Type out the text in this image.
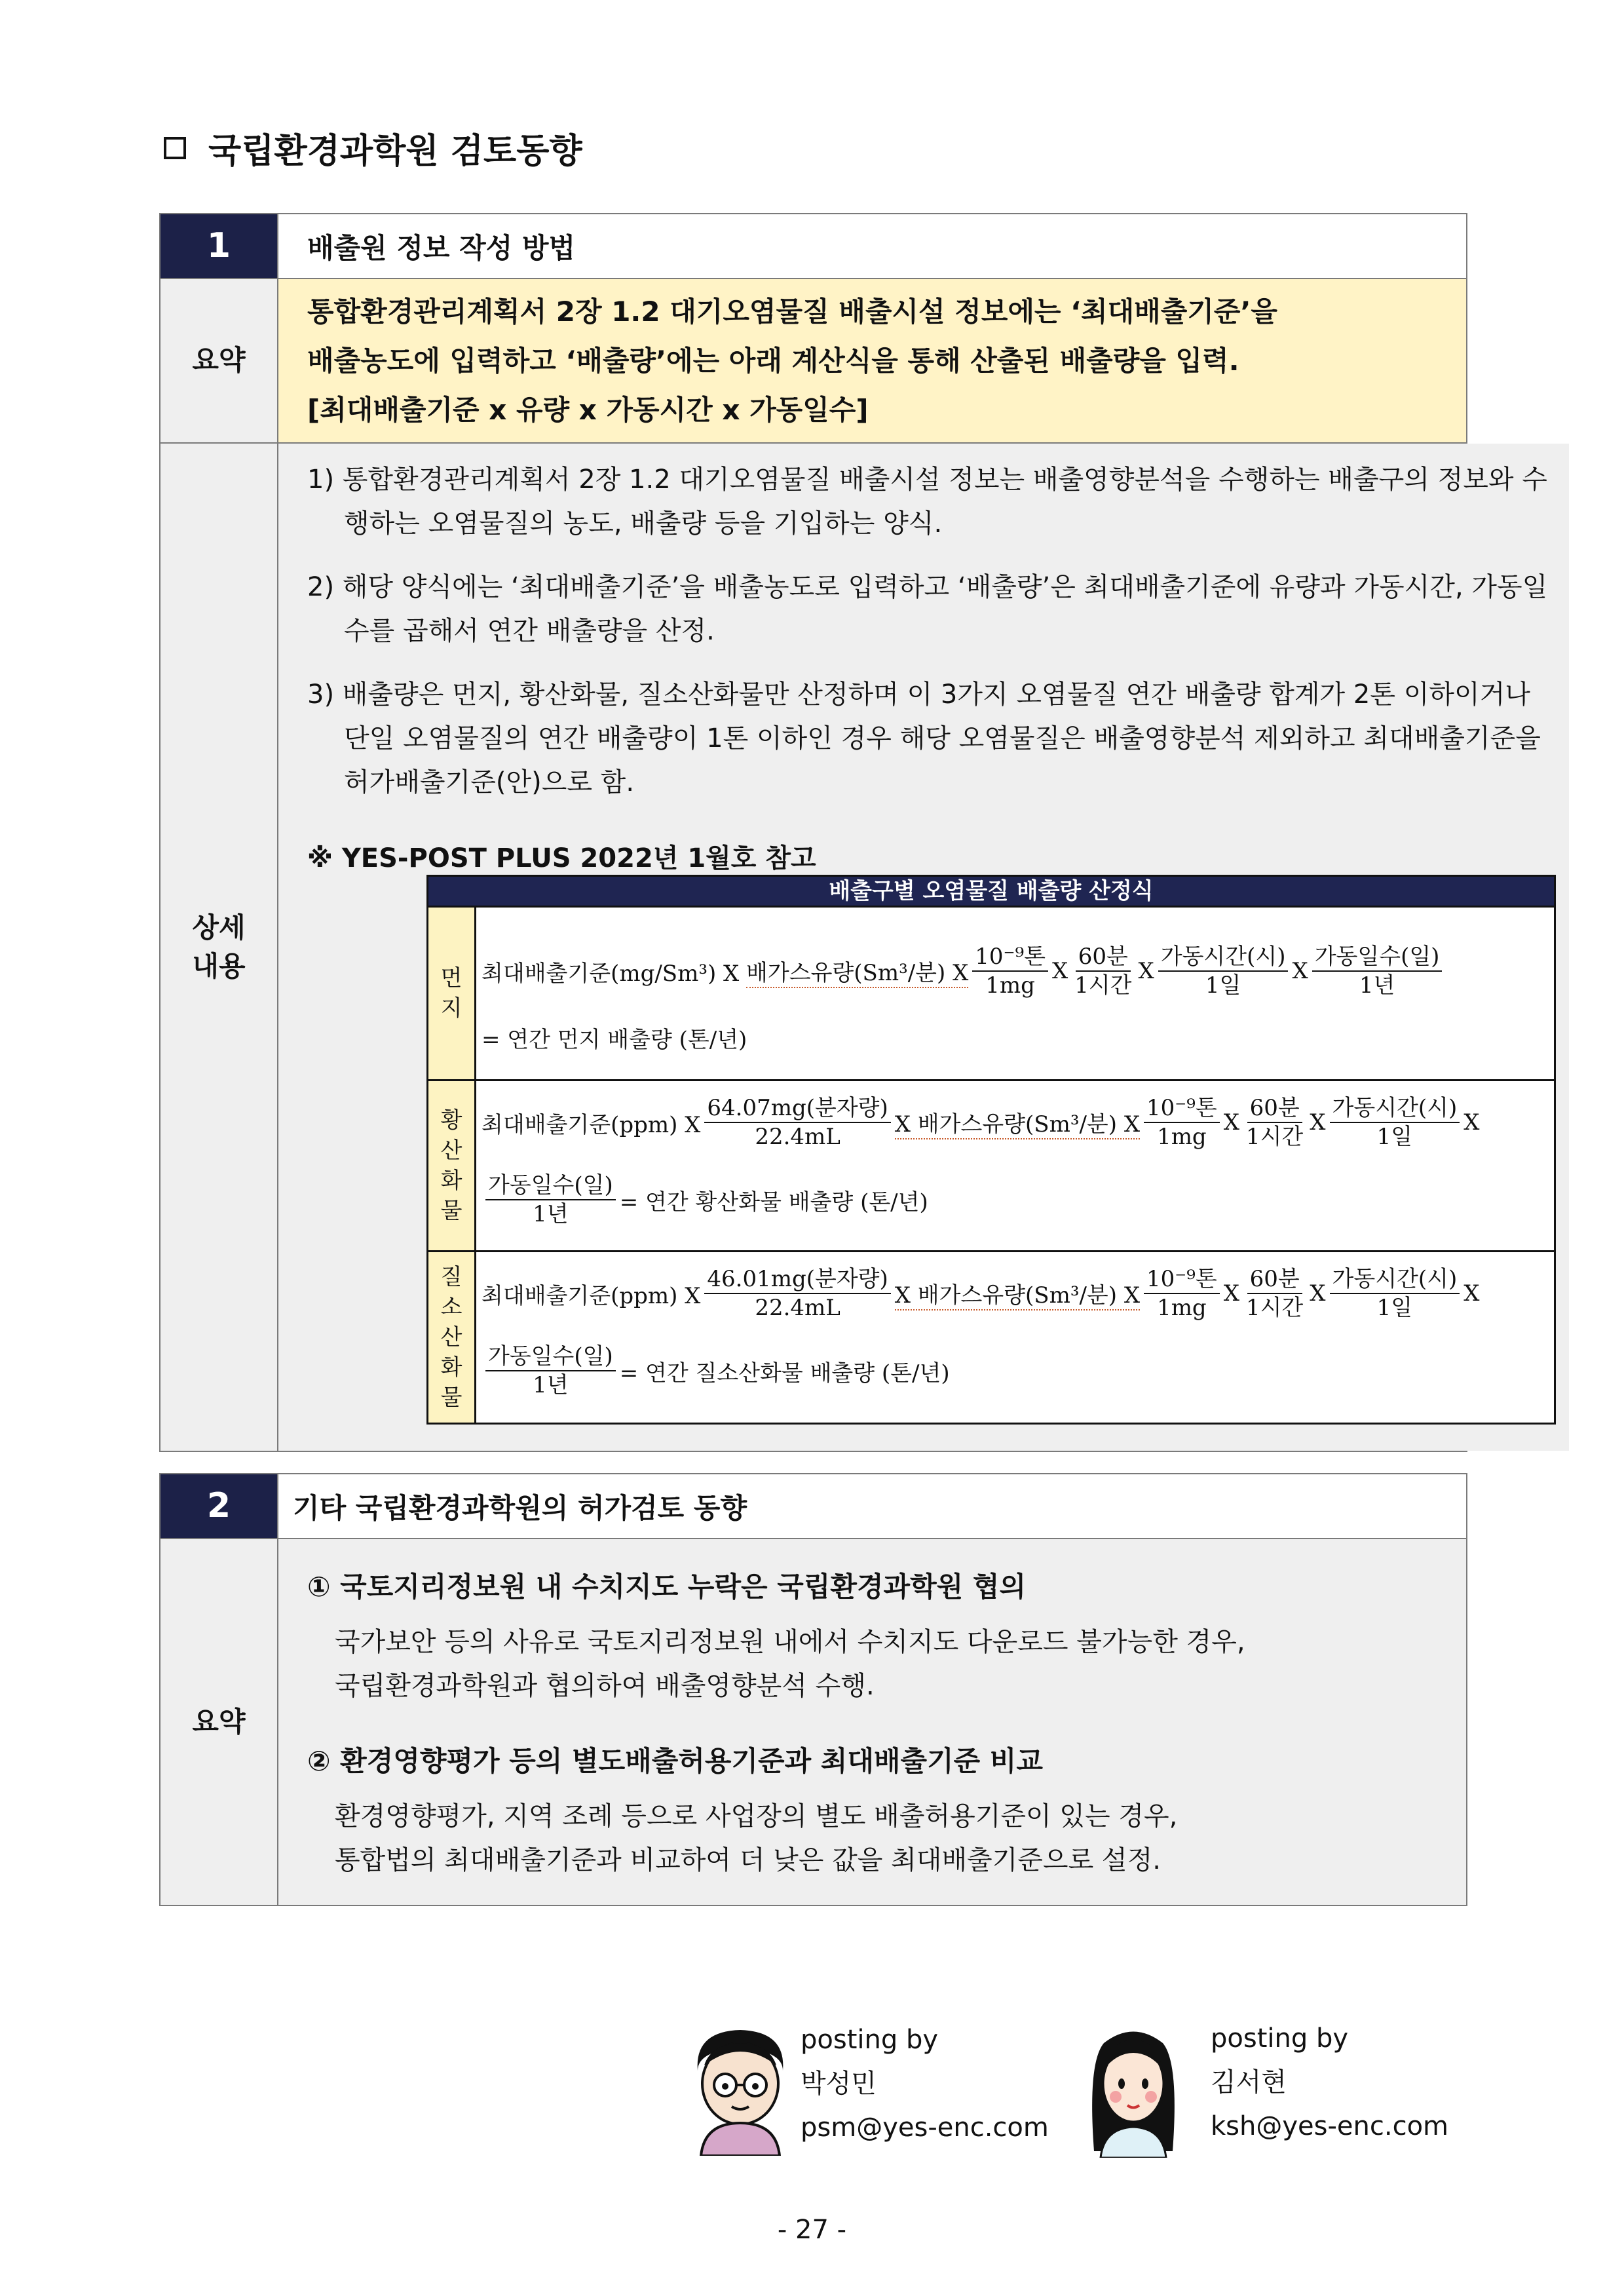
국립환경과학원 검토동향
1	배출원 정보 작성 방법
요약
통합환경관리계획서 2장 1.2 대기오염물질 배출시설 정보에는 ‘최대배출기준’을
배출농도에 입력하고 ‘배출량’에는 아래 계산식을 통해 산출된 배출량을 입력.
[최대배출기준 x 유량 x 가동시간 x 가동일수]
상세
내용
1) 통합환경관리계획서 2장 1.2 대기오염물질 배출시설 정보는 배출영향분석을 수행하는 배출구의 정보와 수행하는 오염물질의 농도, 배출량 등을 기입하는 양식.
2) 해당 양식에는 ‘최대배출기준’을 배출농도로 입력하고 ‘배출량’은 최대배출기준에 유량과 가동시간, 가동일수를 곱해서 연간 배출량을 산정.
3) 배출량은 먼지, 황산화물, 질소산화물만 산정하며 이 3가지 오염물질 연간 배출량 합계가 2톤 이하이거나 단일 오염물질의 연간 배출량이 1톤 이하인 경우 해당 오염물질은 배출영향분석 제외하고 최대배출기준을 허가배출기준(안)으로 함.
※ YES-POST PLUS 2022년 1월호 참고
배출구별 오염물질 배출량 산정식
먼
지
최대배출기준(mg/Sm³) X
배가스유량(Sm³/분) X
10⁻⁹톤
1mg
X
60분
1시간
X
가동시간(시)
1일
X
가동일수(일)
1년
= 연간 먼지 배출량 (톤/년)
황
산
화
물
최대배출기준(ppm) X
64.07mg(분자량)
22.4mL X 배가스유량(Sm³/분) X
10⁻⁹톤
1mg
X
60분
1시간
X
가동시간(시)
1일
X
가동일수(일)
1년 = 연간 황산화물 배출량 (톤/년)
질
소
산
화
물
최대배출기준(ppm) X
46.01mg(분자량)
22.4mL X 배가스유량(Sm³/분) X
10⁻⁹톤
1mg
X
60분
1시간
X
가동시간(시)
1일
X
가동일수(일)
1년 = 연간 질소산화물 배출량 (톤/년)
2	기타 국립환경과학원의 허가검토 동향
요약
① 국토지리정보원 내 수치지도 누락은 국립환경과학원 협의
국가보안 등의 사유로 국토지리정보원 내에서 수치지도 다운로드 불가능한 경우,
국립환경과학원과 협의하여 배출영향분석 수행.
② 환경영향평가 등의 별도배출허용기준과 최대배출기준 비교
환경영향평가, 지역 조례 등으로 사업장의 별도 배출허용기준이 있는 경우,
통합법의 최대배출기준과 비교하여 더 낮은 값을 최대배출기준으로 설정.
posting by
박성민
psm@yes-enc.com
posting by
김서현
ksh@yes-enc.com
- 27 -
